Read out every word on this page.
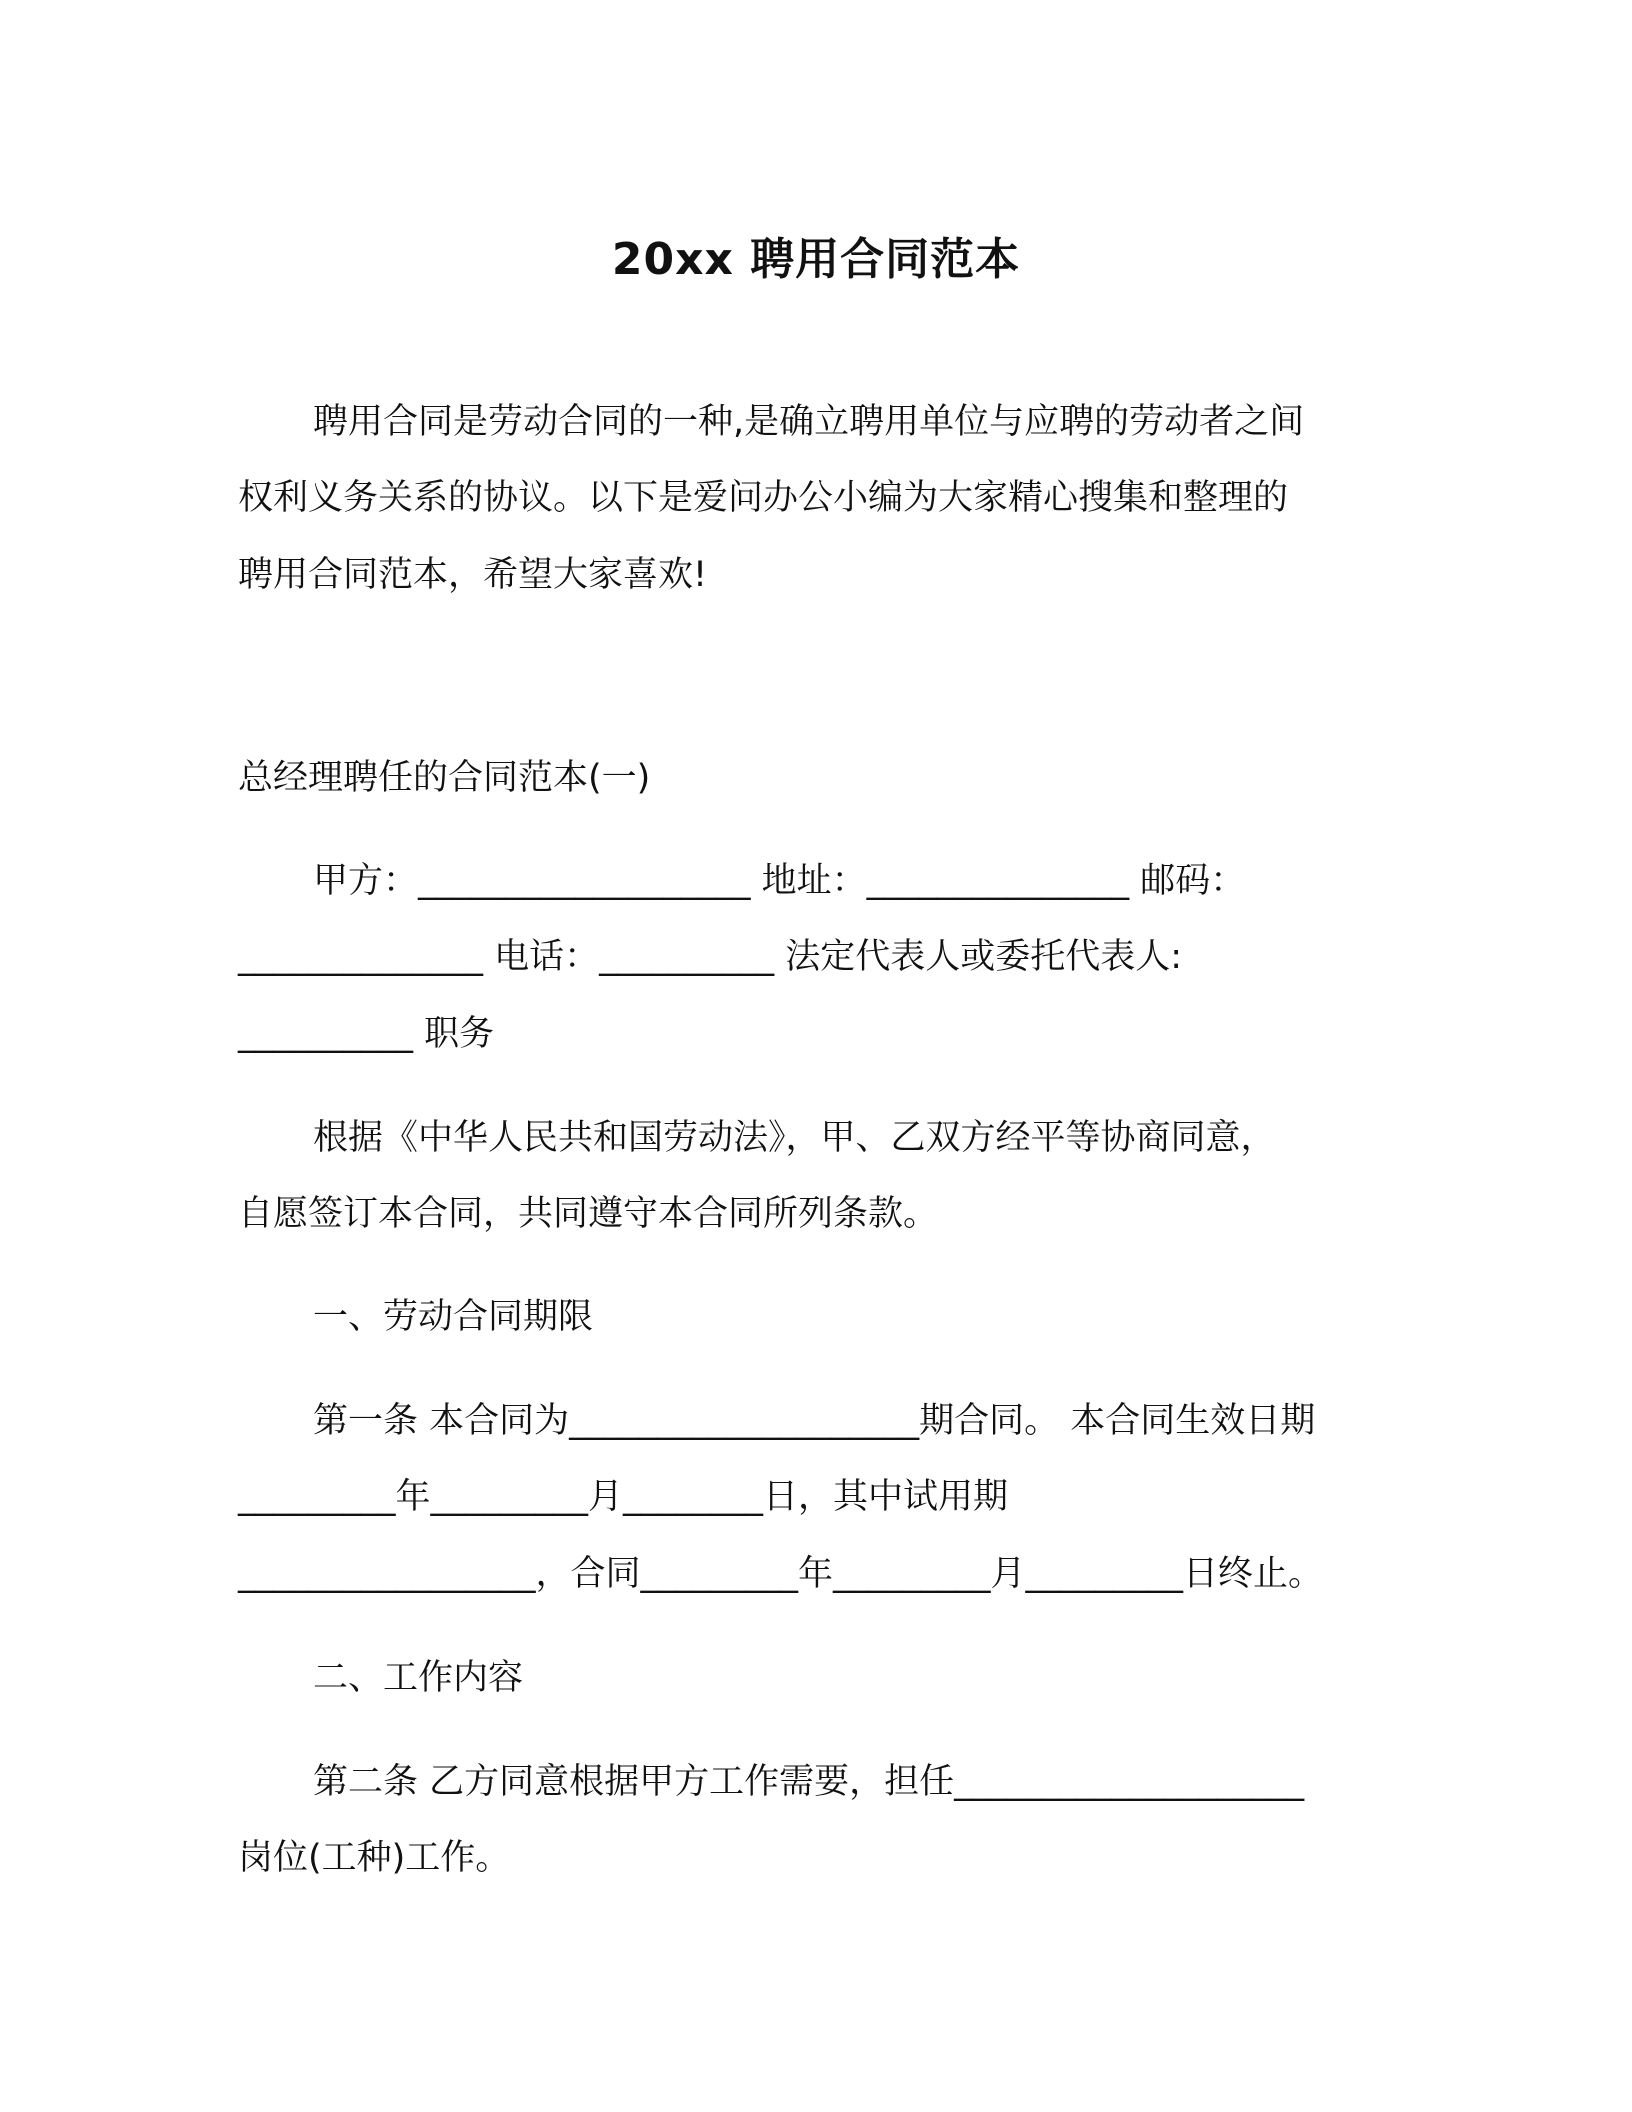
20xx 聘用合同范本
聘用合同是劳动合同的一种,是确立聘用单位与应聘的劳动者之间
权利义务关系的协议。以下是爱问办公小编为大家精心搜集和整理的
聘用合同范本，希望大家喜欢!
总经理聘任的合同范本(一)
甲方：___________________ 地址：_______________ 邮码：
______________ 电话：__________ 法定代表人或委托代表人:
__________ 职务
根据《中华人民共和国劳动法》，甲、乙双方经平等协商同意，
自愿签订本合同，共同遵守本合同所列条款。
一、劳动合同期限
第一条 本合同为____________________期合同。 本合同生效日期
_________年_________月________日，其中试用期
_________________，合同_________年_________月_________日终止。
二、工作内容
第二条 乙方同意根据甲方工作需要，担任____________________
岗位(工种)工作。
